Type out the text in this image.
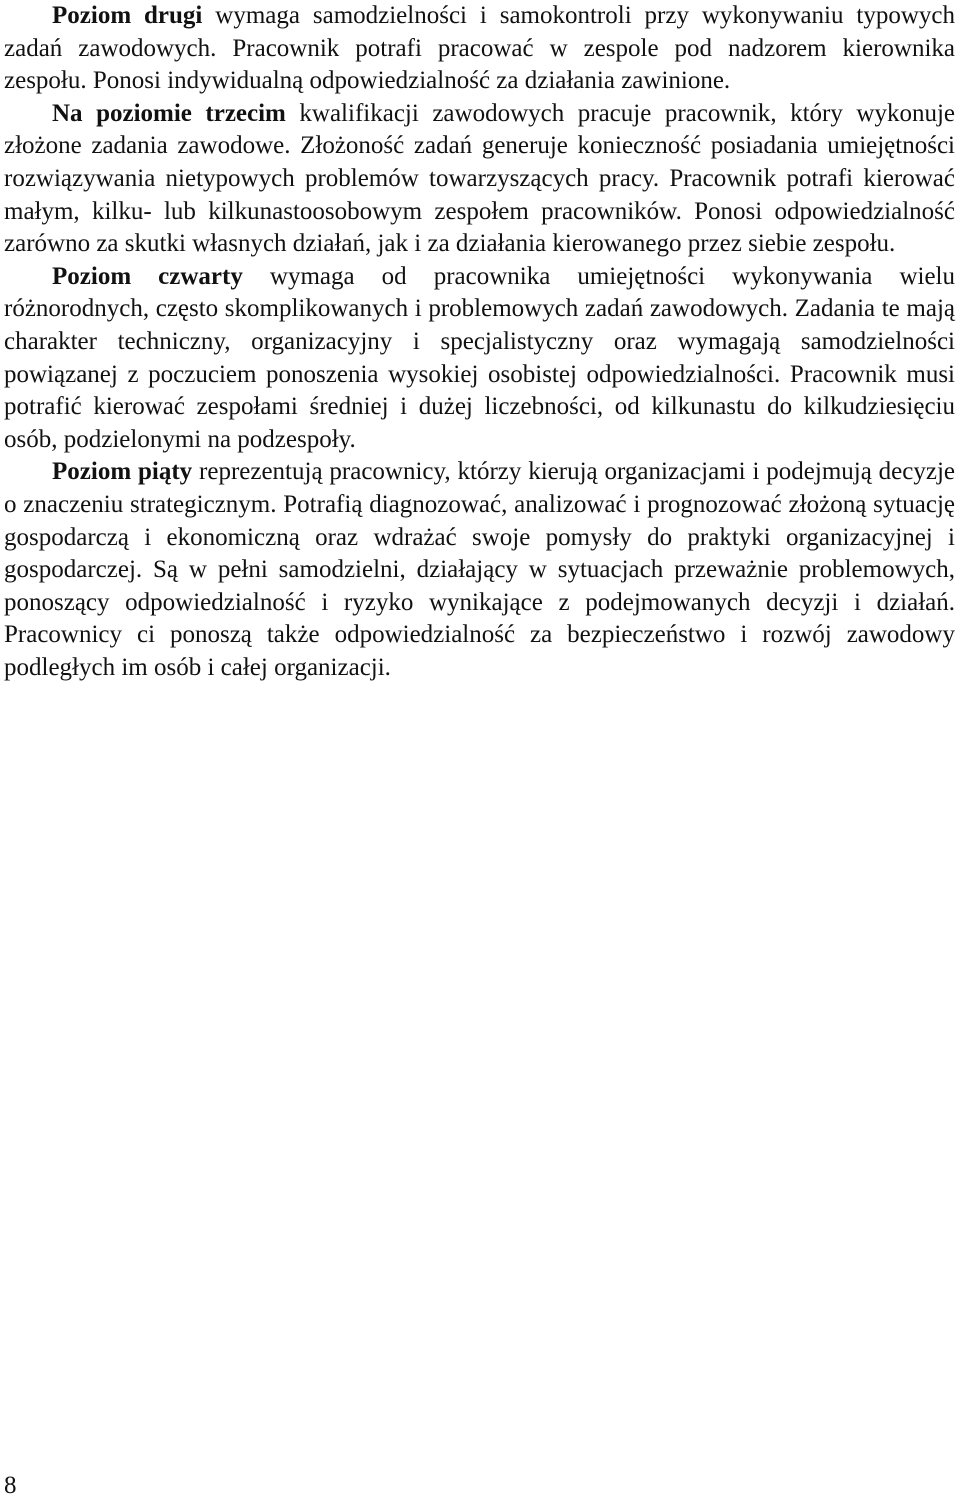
Poziom drugi wymaga samodzielności i samokontroli przy wykonywaniu typowych zadań zawodowych. Pracownik potrafi pracować w zespole pod nadzorem kierownika zespołu. Ponosi indywidualną odpowiedzialność za działania zawinione.

Na poziomie trzecim kwalifikacji zawodowych pracuje pracownik, który wykonuje złożone zadania zawodowe. Złożoność zadań generuje konieczność posiadania umiejętności rozwiązywania nietypowych problemów towarzyszących pracy. Pracownik potrafi kierować małym, kilku- lub kilkunastoosobowym zespołem pracowników. Ponosi odpowiedzialność zarówno za skutki własnych działań, jak i za działania kierowanego przez siebie zespołu.

Poziom czwarty wymaga od pracownika umiejętności wykonywania wielu różnorodnych, często skomplikowanych i problemowych zadań zawodowych. Zadania te mają charakter techniczny, organizacyjny i specjalistyczny oraz wymagają samodzielności powiązanej z poczuciem ponoszenia wysokiej osobistej odpowiedzialności. Pracownik musi potrafić kierować zespołami średniej i dużej liczebności, od kilkunastu do kilkudziesięciu osób, podzielonymi na podzespoły.

Poziom piąty reprezentują pracownicy, którzy kierują organizacjami i podejmują decyzje o znaczeniu strategicznym. Potrafią diagnozować, analizować i prognozować złożoną sytuację gospodarczą i ekonomiczną oraz wdrażać swoje pomysły do praktyki organizacyjnej i gospodarczej. Są w pełni samodzielni, działający w sytuacjach przeważnie problemowych, ponoszący odpowiedzialność i ryzyko wynikające z podejmowanych decyzji i działań. Pracownicy ci ponoszą także odpowiedzialność za bezpieczeństwo i rozwój zawodowy podległych im osób i całej organizacji.

8
